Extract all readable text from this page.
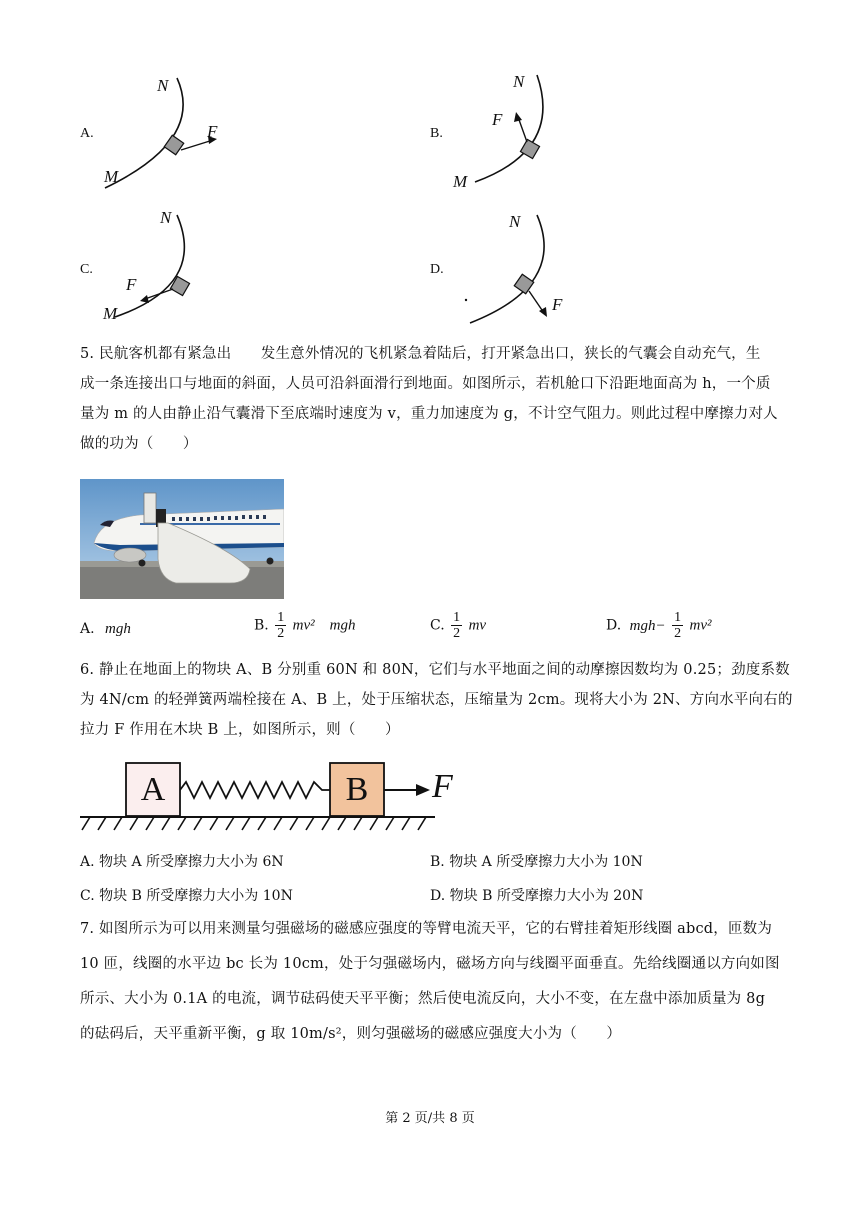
A.
N
F
M
B.
N
F
M
C.
N
F
M
D.
N
F
5. 民航客机都有紧急出　　发生意外情况的飞机紧急着陆后，打开紧急出口，狭长的气囊会自动充气，生
成一条连接出口与地面的斜面，人员可沿斜面滑行到地面。如图所示，若机舱口下沿距地面高为 h，一个质
量为 m 的人由静止沿气囊滑下至底端时速度为 v，重力加速度为 g，不计空气阻力。则此过程中摩擦力对人
做的功为（　　）
A. mgh	B. $\frac{1}{2} mv^2$　mgh	C. $\frac{1}{2}$ mv	D. $mgh- \frac{1}{2} mv^2$
6. 静止在地面上的物块 A、B 分别重 60N 和 80N，它们与水平地面之间的动摩擦因数均为 0.25；劲度系数
为 4N/cm 的轻弹簧两端栓接在 A、B 上，处于压缩状态，压缩量为 2cm。现将大小为 2N、方向水平向右的
拉力 F 作用在木块 B 上，如图所示，则（　　）
A	B	F
A. 物块 A 所受摩擦力大小为 6N	B. 物块 A 所受摩擦力大小为 10N
C. 物块 B 所受摩擦力大小为 10N	D. 物块 B 所受摩擦力大小为 20N
7. 如图所示为可以用来测量匀强磁场的磁感应强度的等臂电流天平，它的右臂挂着矩形线圈 abcd，匝数为
10 匝，线圈的水平边 bc 长为 10cm，处于匀强磁场内，磁场方向与线圈平面垂直。先给线圈通以方向如图
所示、大小为 0.1A 的电流，调节砝码使天平平衡；然后使电流反向，大小不变，在左盘中添加质量为 8g
的砝码后，天平重新平衡，g 取 10m/s²，则匀强磁场的磁感应强度大小为（　　）
第 2 页/共 8 页
